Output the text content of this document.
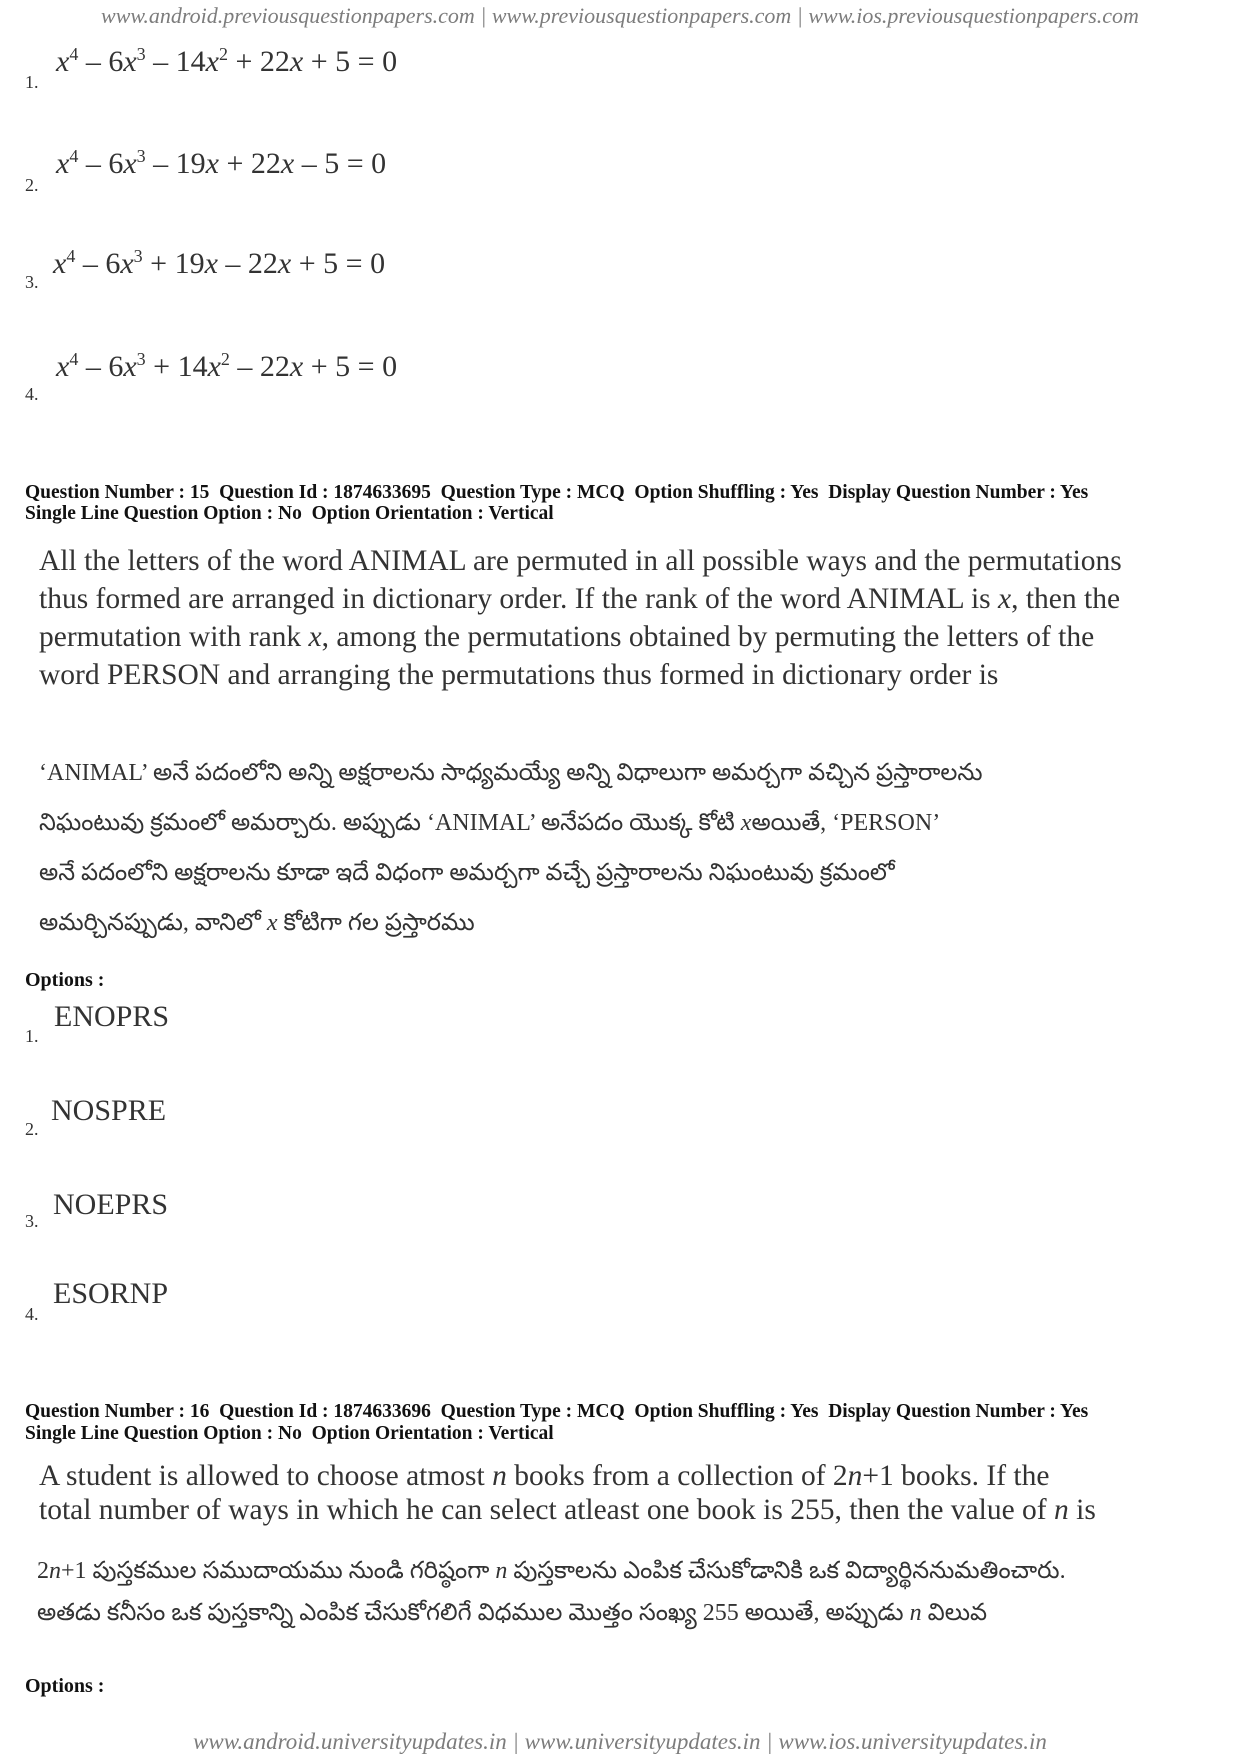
www.android.previousquestionpapers.com | www.previousquestionpapers.com | www.ios.previousquestionpapers.com
1.
$x^4 - 6x^3 - 14x^2 + 22x + 5 = 0$
2.
$x^4 - 6x^3 - 19x + 22x - 5 = 0$
3.
$x^4 - 6x^3 + 19x - 22x + 5 = 0$
4.
$x^4 - 6x^3 + 14x^2 - 22x + 5 = 0$
Question Number : 15  Question Id : 1874633695  Question Type : MCQ  Option Shuffling : Yes  Display Question Number : Yes
Single Line Question Option : No  Option Orientation : Vertical
All the letters of the word ANIMAL are permuted in all possible ways and the permutations
thus formed are arranged in dictionary order. If the rank of the word ANIMAL is x, then the
permutation with rank x, among the permutations obtained by permuting the letters of the
word PERSON and arranging the permutations thus formed in dictionary order is
‘ANIMAL’ అనే పదంలోని అన్ని అక్షరాలను సాధ్యమయ్యే అన్ని విధాలుగా అమర్చగా వచ్చిన ప్రస్తారాలను
నిఘంటువు క్రమంలో అమర్చారు. అప్పుడు ‘ANIMAL’ అనేపదం యొక్క కోటి xఅయితే, ‘PERSON’
అనే పదంలోని అక్షరాలను కూడా ఇదే విధంగా అమర్చగా వచ్చే ప్రస్తారాలను నిఘంటువు క్రమంలో
అమర్చినప్పుడు, వానిలో x కోటిగా గల ప్రస్తారము
Options :
1.
ENOPRS
2.
NOSPRE
3. NOEPRS
4.
ESORNP
Question Number : 16  Question Id : 1874633696  Question Type : MCQ  Option Shuffling : Yes  Display Question Number : Yes
Single Line Question Option : No  Option Orientation : Vertical
A student is allowed to choose atmost n books from a collection of 2n+1 books. If the
total number of ways in which he can select atleast one book is 255, then the value of n is
2n+1 పుస్తకముల సముదాయము నుండి గరిష్ఠంగా n పుస్తకాలను ఎంపిక చేసుకోడానికి ఒక విద్యార్థిననుమతించారు.
అతడు కనీసం ఒక పుస్తకాన్ని ఎంపిక చేసుకోగలిగే విధముల మొత్తం సంఖ్య 255 అయితే, అప్పుడు n విలువ
Options :
www.android.universityupdates.in | www.universityupdates.in | www.ios.universityupdates.in
